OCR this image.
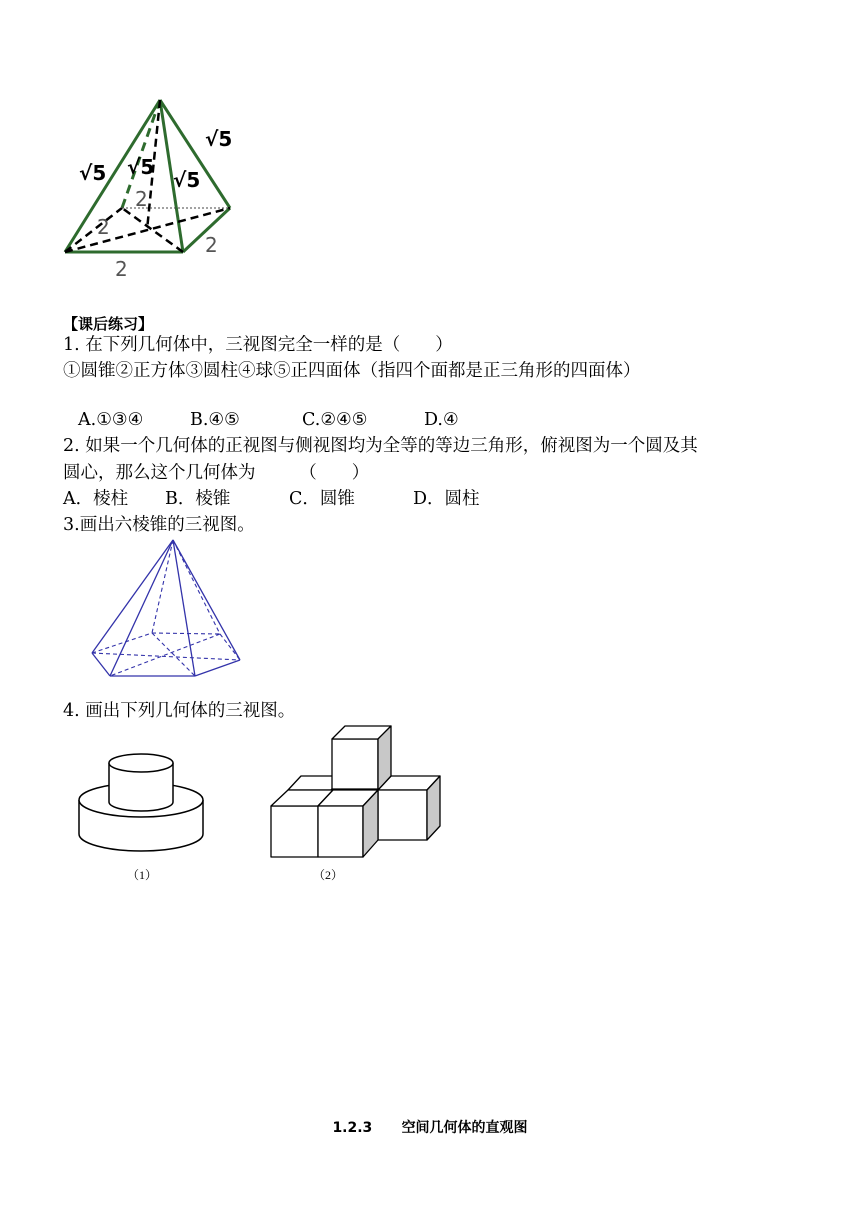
√5 √5
√5
√5
2
2
2
2
【课后练习】
1. 在下列几何体中，三视图完全一样的是（　　）
①圆锥②正方体③圆柱④球⑤正四面体（指四个面都是正三角形的四面体）
A.①③④	B.④⑤	C.②④⑤	D.④
2. 如果一个几何体的正视图与侧视图均为全等的等边三角形，俯视图为一个圆及其
圆心，那么这个几何体为　　　（　　）
A．棱柱 B．棱锥	C．圆锥	D．圆柱
3.画出六棱锥的三视图。
4. 画出下列几何体的三视图。
（1）	（2）
1.2.3 空间几何体的直观图
